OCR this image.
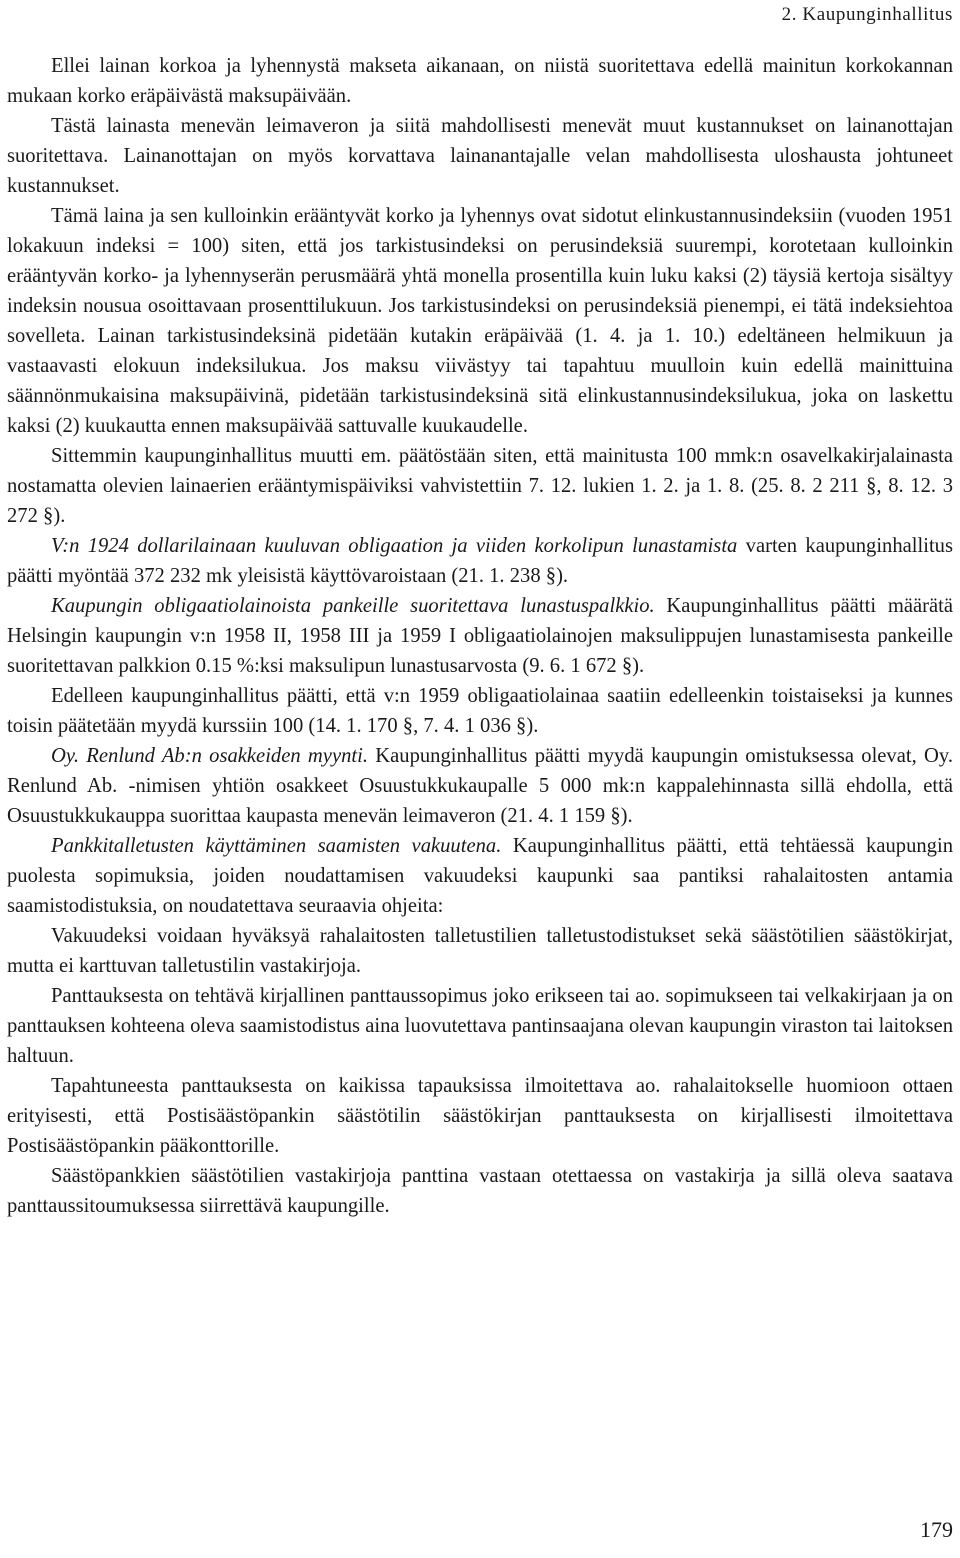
2. Kaupunginhallitus

Ellei lainan korkoa ja lyhennystä makseta aikanaan, on niistä suoritettava edellä mainitun korkokannan mukaan korko eräpäivästä maksupäivään.

Tästä lainasta menevän leimaveron ja siitä mahdollisesti menevät muut kustannukset on lainanottajan suoritettava. Lainanottajan on myös korvattava lainanantajalle velan mahdollisesta uloshausta johtuneet kustannukset.

Tämä laina ja sen kulloinkin erääntyvät korko ja lyhennys ovat sidotut elinkustannusindeksiin (vuoden 1951 lokakuun indeksi = 100) siten, että jos tarkistusindeksi on perusindeksiä suurempi, korotetaan kulloinkin erääntyvän korko- ja lyhennyserän perusmäärä yhtä monella prosentilla kuin luku kaksi (2) täysiä kertoja sisältyy indeksin nousua osoittavaan prosenttilukuun. Jos tarkistusindeksi on perusindeksiä pienempi, ei tätä indeksiehtoa sovelleta. Lainan tarkistusindeksinä pidetään kutakin eräpäivää (1. 4. ja 1. 10.) edeltäneen helmikuun ja vastaavasti elokuun indeksilukua. Jos maksu viivästyy tai tapahtuu muulloin kuin edellä mainittuina säännönmukaisina maksupäivinä, pidetään tarkistusindeksinä sitä elinkustannusindeksilukua, joka on laskettu kaksi (2) kuukautta ennen maksupäivää sattuvalle kuukaudelle.

Sittemmin kaupunginhallitus muutti em. päätöstään siten, että mainitusta 100 mmk:n osavelkakirjalainasta nostamatta olevien lainaerien erääntymispäiviksi vahvistettiin 7. 12. lukien 1. 2. ja 1. 8. (25. 8. 2 211 §, 8. 12. 3 272 §).

V:n 1924 dollarilainaan kuuluvan obligaation ja viiden korkolipun lunastamista varten kaupunginhallitus päätti myöntää 372 232 mk yleisistä käyttövaroistaan (21. 1. 238 §).

Kaupungin obligaatiolainoista pankeille suoritettava lunastuspalkkio. Kaupunginhallitus päätti määrätä Helsingin kaupungin v:n 1958 II, 1958 III ja 1959 I obligaatiolainojen maksulippujen lunastamisesta pankeille suoritettavan palkkion 0.15 %:ksi maksulipun lunastusarvosta (9. 6. 1 672 §).

Edelleen kaupunginhallitus päätti, että v:n 1959 obligaatiolainaa saatiin edelleenkin toistaiseksi ja kunnes toisin päätetään myydä kurssiin 100 (14. 1. 170 §, 7. 4. 1 036 §).

Oy. Renlund Ab:n osakkeiden myynti. Kaupunginhallitus päätti myydä kaupungin omistuksessa olevat, Oy. Renlund Ab. -nimisen yhtiön osakkeet Osuustukkukaupalle 5 000 mk:n kappalehinnasta sillä ehdolla, että Osuustukkukauppa suorittaa kaupasta menevän leimaveron (21. 4. 1 159 §).

Pankkitalletusten käyttäminen saamisten vakuutena. Kaupunginhallitus päätti, että tehtäessä kaupungin puolesta sopimuksia, joiden noudattamisen vakuudeksi kaupunki saa pantiksi rahalaitosten antamia saamistodistuksia, on noudatettava seuraavia ohjeita:

Vakuudeksi voidaan hyväksyä rahalaitosten talletustilien talletustodistukset sekä säästötilien säästökirjat, mutta ei karttuvan talletustilin vastakirjoja.

Panttauksesta on tehtävä kirjallinen panttaussopimus joko erikseen tai ao. sopimukseen tai velkakirjaan ja on panttauksen kohteena oleva saamistodistus aina luovutettava pantinsaajana olevan kaupungin viraston tai laitoksen haltuun.

Tapahtuneesta panttauksesta on kaikissa tapauksissa ilmoitettava ao. rahalaitokselle huomioon ottaen erityisesti, että Postisäästöpankin säästötilin säästökirjan panttauksesta on kirjallisesti ilmoitettava Postisäästöpankin pääkonttorille.

Säästöpankkien säästötilien vastakirjoja panttina vastaan otettaessa on vastakirja ja sillä oleva saatava panttaussitoumuksessa siirrettävä kaupungille.

179
